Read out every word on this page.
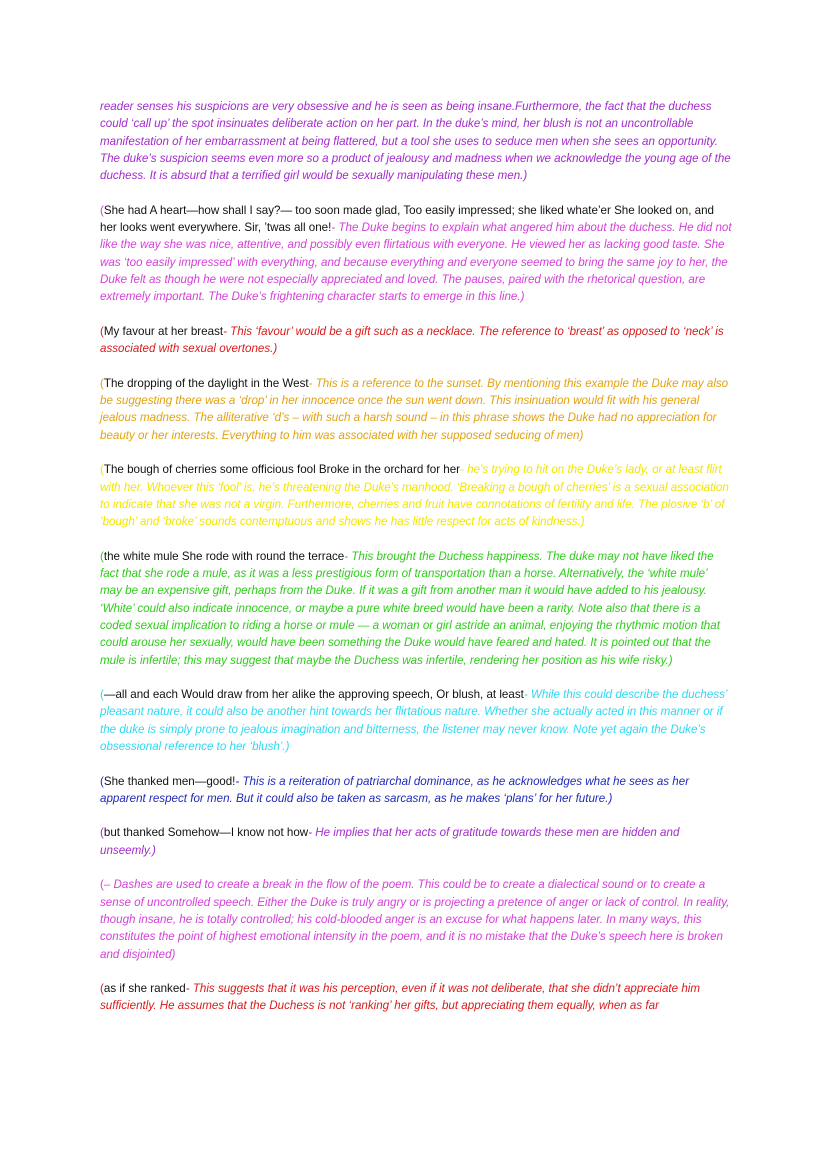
reader senses his suspicions are very obsessive and he is seen as being insane.Furthermore, the fact that the duchess could ‘call up’ the spot insinuates deliberate action on her part. In the duke’s mind, her blush is not an uncontrollable manifestation of her embarrassment at being flattered, but a tool she uses to seduce men when she sees an opportunity. The duke’s suspicion seems even more so a product of jealousy and madness when we acknowledge the young age of the duchess. It is absurd that a terrified girl would be sexually manipulating these men.)

(She had A heart—how shall I say?— too soon made glad, Too easily impressed; she liked whate’er She looked on, and her looks went everywhere. Sir, ’twas all one!- The Duke begins to explain what angered him about the duchess. He did not like the way she was nice, attentive, and possibly even flirtatious with everyone. He viewed her as lacking good taste. She was ‘too easily impressed’ with everything, and because everything and everyone seemed to bring the same joy to her, the Duke felt as though he were not especially appreciated and loved. The pauses, paired with the rhetorical question, are extremely important. The Duke’s frightening character starts to emerge in this line.)

(My favour at her breast- This ‘favour’ would be a gift such as a necklace. The reference to ‘breast’ as opposed to ‘neck’ is associated with sexual overtones.)

(The dropping of the daylight in the West- This is a reference to the sunset. By mentioning this example the Duke may also be suggesting there was a ‘drop’ in her innocence once the sun went down. This insinuation would fit with his general jealous madness. The alliterative ‘d’s – with such a harsh sound – in this phrase shows the Duke had no appreciation for beauty or her interests. Everything to him was associated with her supposed seducing of men)

(The bough of cherries some officious fool Broke in the orchard for her- he’s trying to hit on the Duke’s lady, or at least flirt with her. Whoever this ‘fool’ is, he’s threatening the Duke’s manhood. ‘Breaking a bough of cherries’ is a sexual association to indicate that she was not a virgin. Furthermore, cherries and fruit have connotations of fertility and life. The plosive ‘b’ of ‘bough’ and ‘broke’ sounds contemptuous and shows he has little respect for acts of kindness.)

(the white mule She rode with round the terrace- This brought the Duchess happiness. The duke may not have liked the fact that she rode a mule, as it was a less prestigious form of transportation than a horse. Alternatively, the ‘white mule’ may be an expensive gift, perhaps from the Duke. If it was a gift from another man it would have added to his jealousy. ‘White’ could also indicate innocence, or maybe a pure white breed would have been a rarity. Note also that there is a coded sexual implication to riding a horse or mule — a woman or girl astride an animal, enjoying the rhythmic motion that could arouse her sexually, would have been something the Duke would have feared and hated. It is pointed out that the mule is infertile; this may suggest that maybe the Duchess was infertile, rendering her position as his wife risky.)

(—all and each Would draw from her alike the approving speech, Or blush, at least- While this could describe the duchess’ pleasant nature, it could also be another hint towards her flirtatious nature. Whether she actually acted in this manner or if the duke is simply prone to jealous imagination and bitterness, the listener may never know. Note yet again the Duke’s obsessional reference to her ‘blush’.)

(She thanked men—good!- This is a reiteration of patriarchal dominance, as he acknowledges what he sees as her apparent respect for men. But it could also be taken as sarcasm, as he makes ‘plans’ for her future.)

(but thanked Somehow—I know not how- He implies that her acts of gratitude towards these men are hidden and unseemly.)

(– Dashes are used to create a break in the flow of the poem. This could be to create a dialectical sound or to create a sense of uncontrolled speech. Either the Duke is truly angry or is projecting a pretence of anger or lack of control. In reality, though insane, he is totally controlled; his cold-blooded anger is an excuse for what happens later. In many ways, this constitutes the point of highest emotional intensity in the poem, and it is no mistake that the Duke’s speech here is broken and disjointed)

(as if she ranked- This suggests that it was his perception, even if it was not deliberate, that she didn’t appreciate him sufficiently. He assumes that the Duchess is not ‘ranking’ her gifts, but appreciating them equally, when as far
